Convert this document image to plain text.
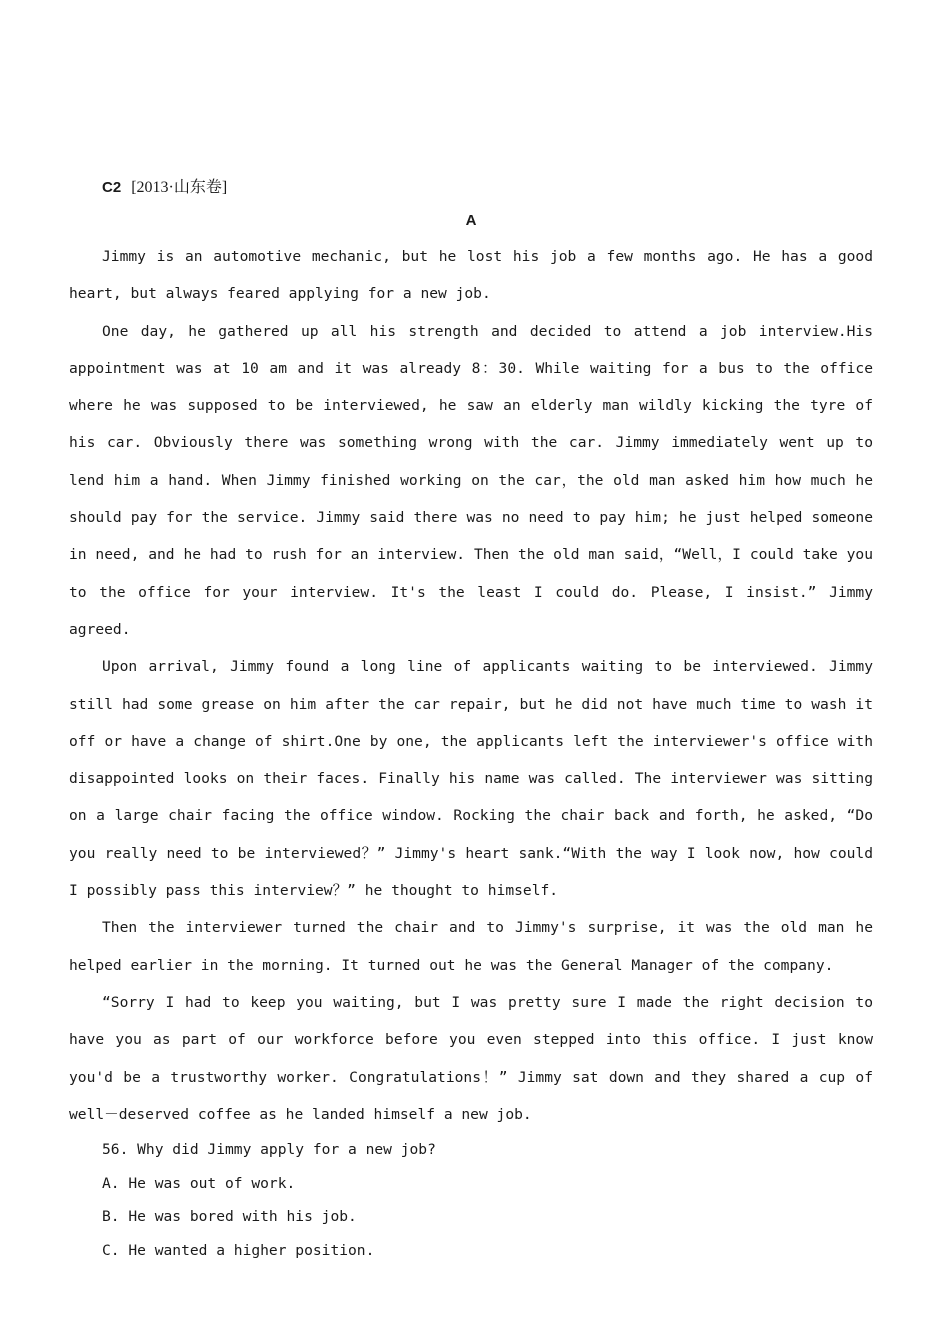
C2 [2013·山东卷]
A

Jimmy is an automotive mechanic, but he lost his job a few months ago. He has a good heart, but always feared applying for a new job.

One day, he gathered up all his strength and decided to attend a job interview.His appointment was at 10 am and it was already 8：30. While waiting for a bus to the office where he was supposed to be interviewed, he saw an elderly man wildly kicking the tyre of his car. Obviously there was something wrong with the car. Jimmy immediately went up to lend him a hand. When Jimmy finished working on the car，the old man asked him how much he should pay for the service. Jimmy said there was no need to pay him; he just helped someone in need, and he had to rush for an interview. Then the old man said，“Well，I could take you to the office for your interview. It's the least I could do. Please, I insist.” Jimmy agreed.

Upon arrival, Jimmy found a long line of applicants waiting to be interviewed. Jimmy still had some grease on him after the car repair, but he did not have much time to wash it off or have a change of shirt.One by one, the applicants left the interviewer's office with disappointed looks on their faces. Finally his name was called. The interviewer was sitting on a large chair facing the office window. Rocking the chair back and forth, he asked, “Do you really need to be interviewed？” Jimmy's heart sank.“With the way I look now, how could I possibly pass this interview？” he thought to himself.

Then the interviewer turned the chair and to Jimmy's surprise, it was the old man he helped earlier in the morning. It turned out he was the General Manager of the company.

“Sorry I had to keep you waiting, but I was pretty sure I made the right decision to have you as part of our workforce before you even stepped into this office. I just know you'd be a trustworthy worker. Congratulations！” Jimmy sat down and they shared a cup of well－deserved coffee as he landed himself a new job.

56. Why did Jimmy apply for a new job?

A. He was out of work.

B. He was bored with his job.

C. He wanted a higher position.
